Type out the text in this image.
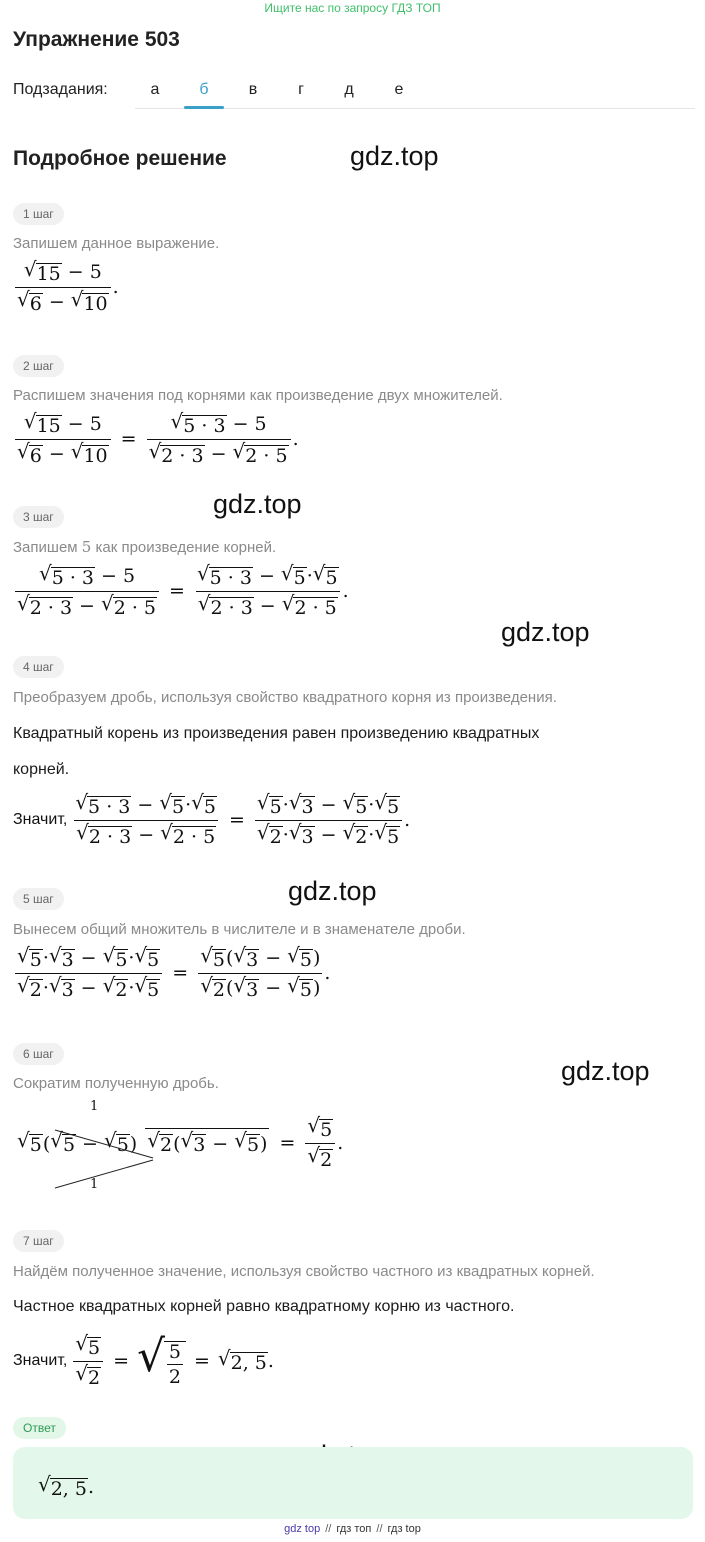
Ищите нас по запросу ГДЗ ТОП
Упражнение 503
Подзадания:	а	б	в	г	д	е
Подробное решение	gdz.top
gdz.top
gdz.top
gdz.top
gdz.top
1 шаг
Запишем данное выражение.
$\frac{√ 15 - 5}{√ 6 - √ 10}$ .
2 шаг
Распишем значения под корнями как произведение двух множителей.
$\frac{√ 15 - 5}{√ 6 - √ 10} = \frac{√ 5 \cdot 3 - 5}{√ 2 \cdot 3 - √ 2 \cdot 5}$ .
3 шаг
Запишем 5 как произведение корней.
$\frac{√ 5 \cdot 3 - 5}{√ 2 \cdot 3 - √ 2 \cdot 5} = \frac{√ 5 \cdot 3 - √ 5 \cdot √ 5}{√ 2 \cdot 3 - √ 2 \cdot 5}$ .
4 шаг
Преобразуем дробь, используя свойство квадратного корня из произведения.
Квадратный корень из произведения равен произведению квадратных
корней.
Значит, $\frac{√ 5 \cdot 3 - √ 5 \cdot √ 5}{√ 2 \cdot 3 - √ 2 \cdot 5} = \frac{√ 5 \cdot √ 3 - √ 5 \cdot √ 5}{√ 2 \cdot √ 3 - √ 2 \cdot √ 5}$ .
5 шаг
Вынесем общий множитель в числителе и в знаменателе дроби.
$\frac{√ 5 \cdot √ 3 - √ 5 \cdot √ 5}{√ 2 \cdot √ 3 - √ 2 \cdot √ 5} = \frac{√ 5 ( √ 3 - √ 5 )}{√ 2 ( √ 3 - √ 5 )}$ .
6 шаг
Сократим полученную дробь.
1
√ 5 ( √ 5 − √ 5 )
√ 2 ( √ 3 − √ 5 ) = $\frac{√ 5}{√ 2}$ .
1
7 шаг
Найдём полученное значение, используя свойство частного из квадратных корней.
Частное квадратных корней равно квадратному корню из частного.
Значит, $\frac{√ 5}{√ 2}$ = √ $\frac{5}{2}$ = √ 2, 5 .
Ответ
√ 2, 5 .
gdz top // гдз топ // гдз top
